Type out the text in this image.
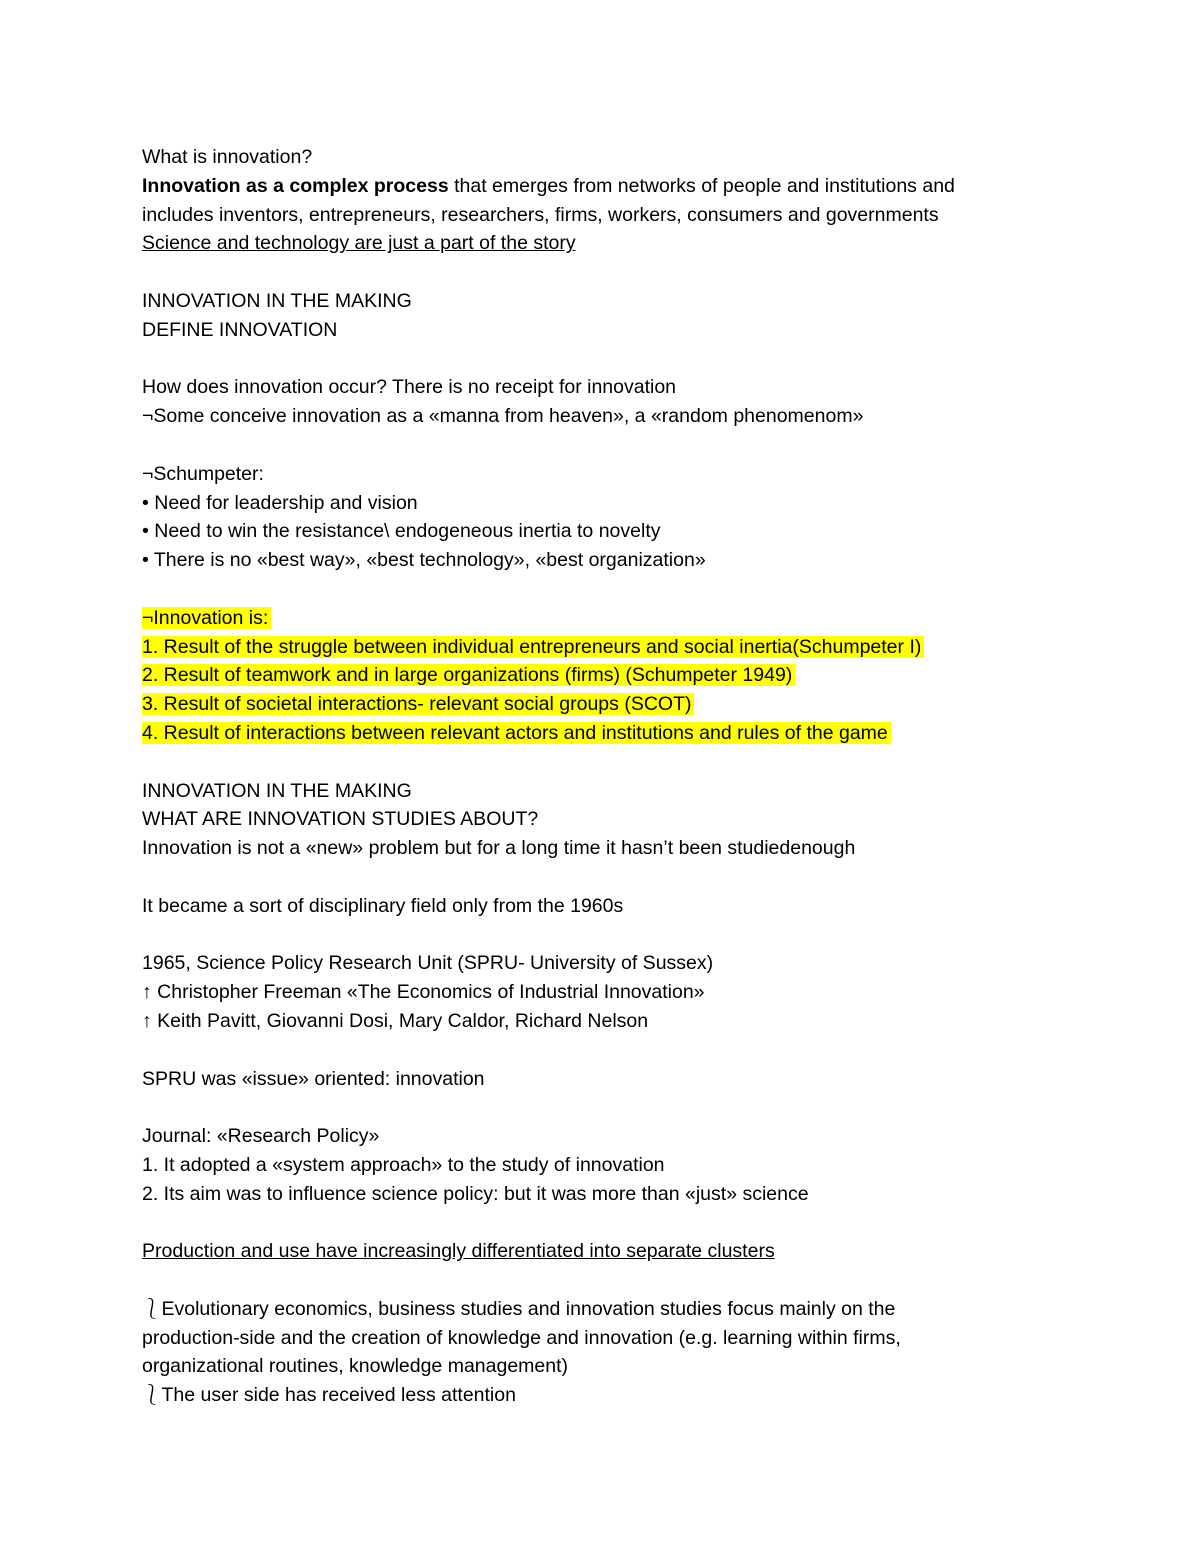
What is innovation?
Innovation as a complex process that emerges from networks of people and institutions and
includes inventors, entrepreneurs, researchers, firms, workers, consumers and governments
Science and technology are just a part of the story
INNOVATION IN THE MAKING
DEFINE INNOVATION
How does innovation occur? There is no receipt for innovation
¬Some conceive innovation as a «manna from heaven», a «random phenomenom»
¬Schumpeter:
• Need for leadership and vision
• Need to win the resistance\ endogeneous inertia to novelty
• There is no «best way», «best technology», «best organization»
¬Innovation is:
1. Result of the struggle between individual entrepreneurs and social inertia(Schumpeter I)
2. Result of teamwork and in large organizations (firms) (Schumpeter 1949)
3. Result of societal interactions- relevant social groups (SCOT)
4. Result of interactions between relevant actors and institutions and rules of the game
INNOVATION IN THE MAKING
WHAT ARE INNOVATION STUDIES ABOUT?
Innovation is not a «new» problem but for a long time it hasn’t been studiedenough
It became a sort of disciplinary field only from the 1960s
1965, Science Policy Research Unit (SPRU- University of Sussex)
↑ Christopher Freeman «The Economics of Industrial Innovation»
↑ Keith Pavitt, Giovanni Dosi, Mary Caldor, Richard Nelson
SPRU was «issue» oriented: innovation
Journal: «Research Policy»
1. It adopted a «system approach» to the study of innovation
2. Its aim was to influence science policy: but it was more than «just» science
Production and use have increasingly differentiated into separate clusters
⎱Evolutionary economics, business studies and innovation studies focus mainly on the
production-side and the creation of knowledge and innovation (e.g. learning within firms,
organizational routines, knowledge management)
⎱The user side has received less attention
